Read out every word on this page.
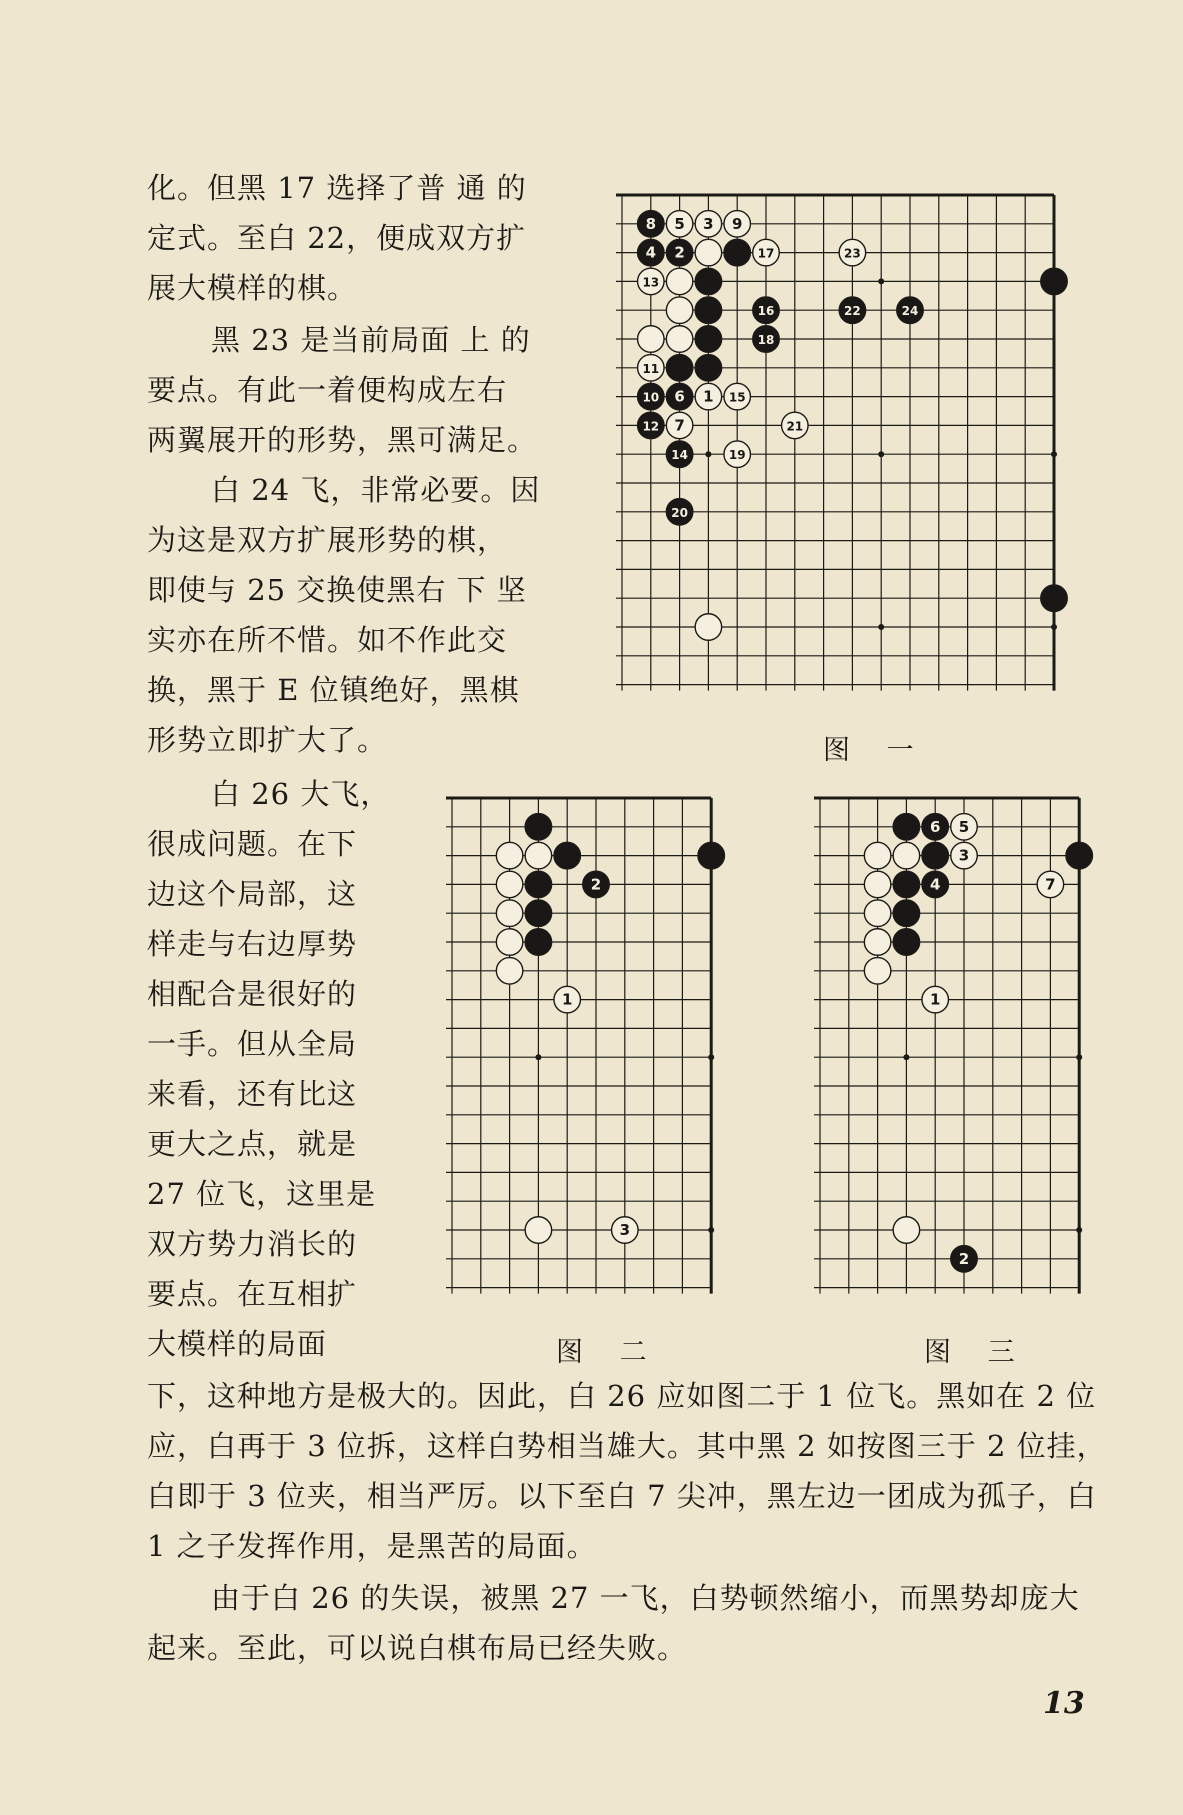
化。但黑 17 选择了普 通 的
定式。至白 22，便成双方扩
展大模样的棋。
黑 23 是当前局面 上 的
要点。有此一着便构成左右
两翼展开的形势，黑可满足。
白 24 飞，非常必要。因
为这是双方扩展形势的棋，
即使与 25 交换使黑右 下 坚
实亦在所不惜。如不作此交
换，黑于 E 位镇绝好，黑棋
形势立即扩大了。
白 26 大飞，
很成问题。在下
边这个局部，这
样走与右边厚势
相配合是很好的
一手。但从全局
来看，还有比这
更大之点，就是
27 位飞，这里是
双方势力消长的
要点。在互相扩
大模样的局面
下，这种地方是极大的。因此，白 26 应如图二于 1 位飞。黑如在 2 位
应，白再于 3 位拆，这样白势相当雄大。其中黑 2 如按图三于 2 位挂，
白即于 3 位夹，相当严厉。以下至白 7 尖冲，黑左边一团成为孤子，白
1 之子发挥作用，是黑苦的局面。
由于白 26 的失误，被黑 27 一飞，白势顿然缩小，而黑势却庞大
起来。至此，可以说白棋布局已经失败。
8 5 3 9
4 2	17	23
13
16	22	24
18
11
10 6 1 15
12 7	21
14	19
20
图 一
2
1
3
图 二
6 5
3
4	7
1
2
图 三
13
